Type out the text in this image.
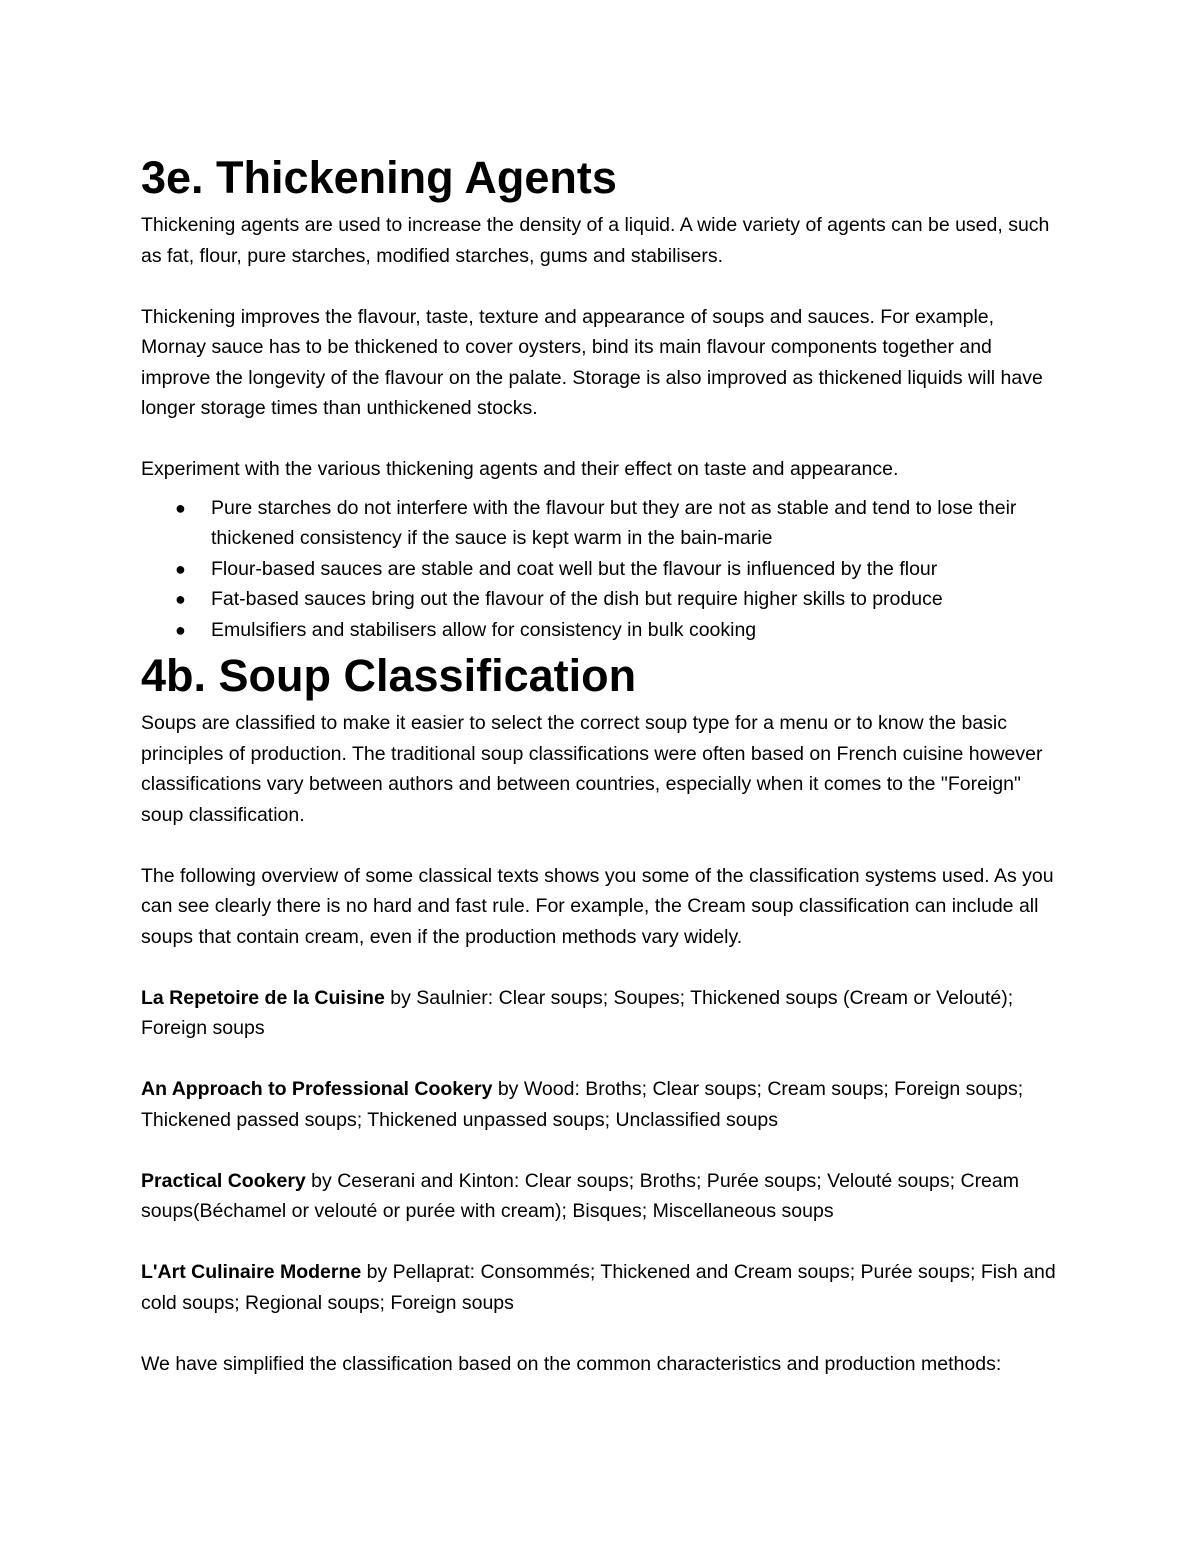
3e. Thickening Agents

Thickening agents are used to increase the density of a liquid. A wide variety of agents can be used, such as fat, flour, pure starches, modified starches, gums and stabilisers.

Thickening improves the flavour, taste, texture and appearance of soups and sauces. For example, Mornay sauce has to be thickened to cover oysters, bind its main flavour components together and improve the longevity of the flavour on the palate. Storage is also improved as thickened liquids will have longer storage times than unthickened stocks.

Experiment with the various thickening agents and their effect on taste and appearance.

● Pure starches do not interfere with the flavour but they are not as stable and tend to lose their thickened consistency if the sauce is kept warm in the bain-marie
● Flour-based sauces are stable and coat well but the flavour is influenced by the flour
● Fat-based sauces bring out the flavour of the dish but require higher skills to produce
● Emulsifiers and stabilisers allow for consistency in bulk cooking
4b. Soup Classification

Soups are classified to make it easier to select the correct soup type for a menu or to know the basic principles of production. The traditional soup classifications were often based on French cuisine however classifications vary between authors and between countries, especially when it comes to the "Foreign" soup classification.

The following overview of some classical texts shows you some of the classification systems used. As you can see clearly there is no hard and fast rule. For example, the Cream soup classification can include all soups that contain cream, even if the production methods vary widely.

La Repetoire de la Cuisine by Saulnier: Clear soups; Soupes; Thickened soups (Cream or Velouté); Foreign soups

An Approach to Professional Cookery by Wood: Broths; Clear soups; Cream soups; Foreign soups; Thickened passed soups; Thickened unpassed soups; Unclassified soups

Practical Cookery by Ceserani and Kinton: Clear soups; Broths; Purée soups; Velouté soups; Cream soups(Béchamel or velouté or purée with cream); Bisques; Miscellaneous soups

L'Art Culinaire Moderne by Pellaprat: Consommés; Thickened and Cream soups; Purée soups; Fish and cold soups; Regional soups; Foreign soups

We have simplified the classification based on the common characteristics and production methods:
